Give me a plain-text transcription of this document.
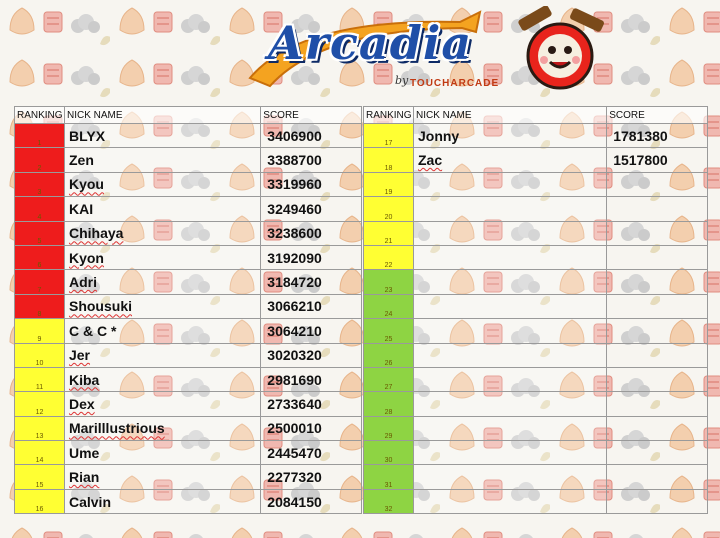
Arcadia
by TOUCHARCADE
RANKING	NICK NAME	SCORE
1	BLYX	3406900
2	Zen	3388700
3	Kyou	3319960
4	KAI	3249460
5	Chihaya	3238600
6	Kyon	3192090
7	Adri	3184720
8	Shousuki	3066210
9	C & C *	3064210
10	Jer	3020320
11	Kiba	2981690
12	Dex	2733640
13	Marilllustrious	2500010
14	Ume	2445470
15	Rian	2277320
16	Calvin	2084150
RANKING	NICK NAME	SCORE
17	Jonny	1781380
18	Zac	1517800
19		
20		
21		
22		
23		
24		
25		
26		
27		
28		
29		
30		
31		
32		
